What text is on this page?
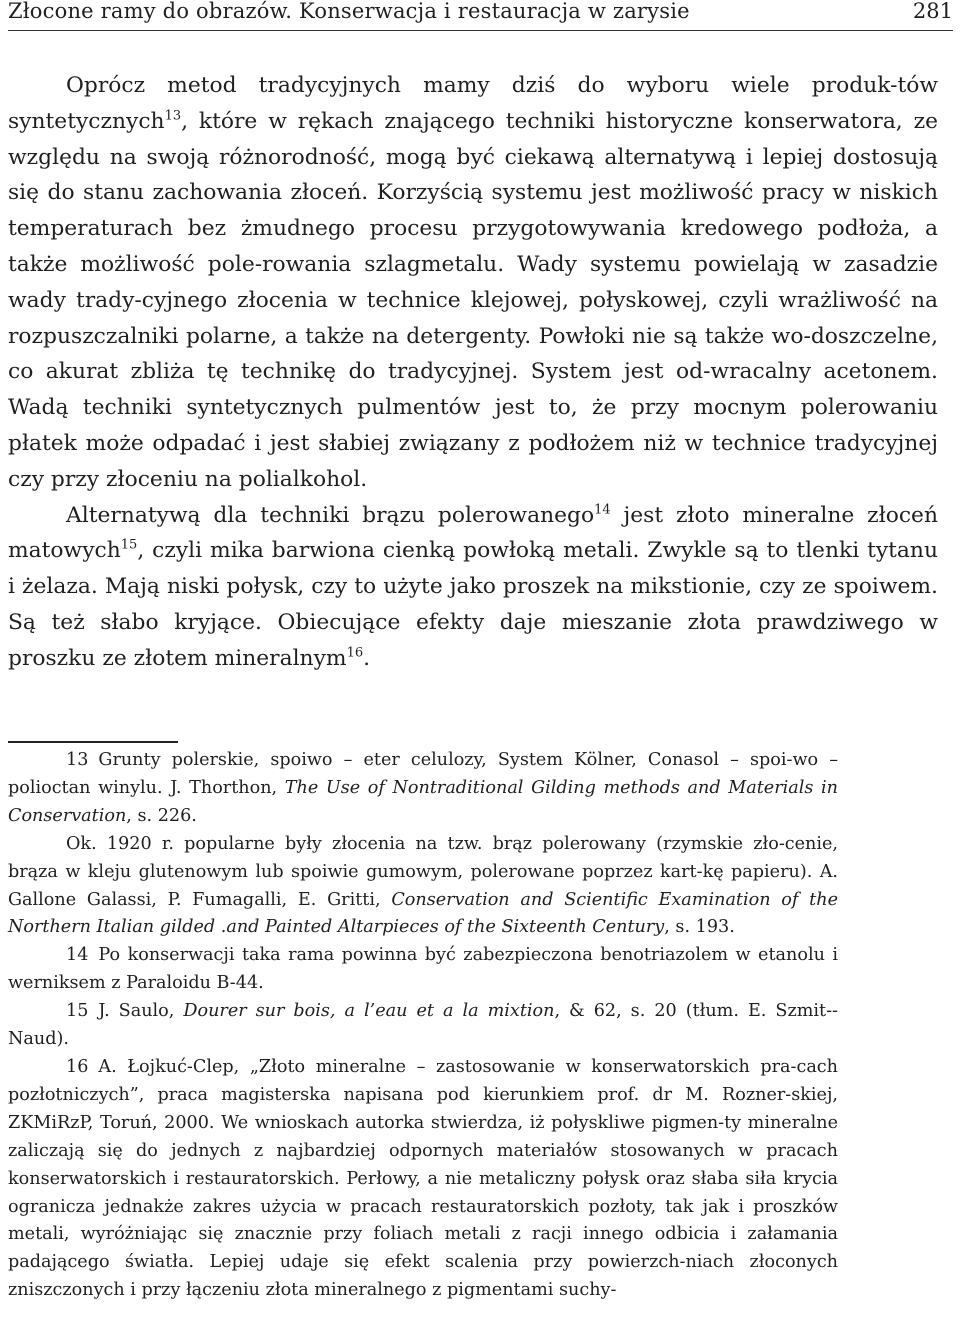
Złocone ramy do obrazów. Konserwacja i restauracja w zarysie	281

Oprócz metod tradycyjnych mamy dziś do wyboru wiele produk-tów syntetycznych$^{13}$, które w rękach znającego techniki historyczne konserwatora, ze względu na swoją różnorodność, mogą być ciekawą alternatywą i lepiej dostosują się do stanu zachowania złoceń. Korzyścią systemu jest możliwość pracy w niskich temperaturach bez żmudnego procesu przygotowywania kredowego podłoża, a także możliwość pole-rowania szlagmetalu. Wady systemu powielają w zasadzie wady trady-cyjnego złocenia w technice klejowej, połyskowej, czyli wrażliwość na rozpuszczalniki polarne, a także na detergenty. Powłoki nie są także wo-doszczelne, co akurat zbliża tę technikę do tradycyjnej. System jest od-wracalny acetonem. Wadą techniki syntetycznych pulmentów jest to, że przy mocnym polerowaniu płatek może odpadać i jest słabiej związany z podłożem niż w technice tradycyjnej czy przy złoceniu na polialkohol.

Alternatywą dla techniki brązu polerowanego$^{14}$ jest złoto mineralne złoceń matowych$^{15}$, czyli mika barwiona cienką powłoką metali. Zwykle są to tlenki tytanu i żelaza. Mają niski połysk, czy to użyte jako proszek na mikstionie, czy ze spoiwem. Są też słabo kryjące. Obiecujące efekty daje mieszanie złota prawdziwego w proszku ze złotem mineralnym$^{16}$.

13 Grunty polerskie, spoiwo – eter celulozy, System Kölner, Conasol – spoi-wo – polioctan winylu. J. Thorthon, The Use of Nontraditional Gilding methods and Materials in Conservation, s. 226.

Ok. 1920 r. popularne były złocenia na tzw. brąz polerowany (rzymskie zło-cenie, brąza w kleju glutenowym lub spoiwie gumowym, polerowane poprzez kart-kę papieru). A. Gallone Galassi, P. Fumagalli, E. Gritti, Conservation and Scientific Examination of the Northern Italian gilded .and Painted Altarpieces of the Sixteenth Century, s. 193.

14 Po konserwacji taka rama powinna być zabezpieczona benotriazolem w etanolu i werniksem z Paraloidu B-44.

15 J. Saulo, Dourer sur bois, a l’eau et a la mixtion, & 62, s. 20 (tłum. E. Szmit--Naud).

16 A. Łojkuć-Clep, „Złoto mineralne – zastosowanie w konserwatorskich pra-cach pozłotniczych”, praca magisterska napisana pod kierunkiem prof. dr M. Rozner-skiej, ZKMiRzP, Toruń, 2000. We wnioskach autorka stwierdza, iż połyskliwe pigmen-ty mineralne zaliczają się do jednych z najbardziej odpornych materiałów stosowanych w pracach konserwatorskich i restauratorskich. Perłowy, a nie metaliczny połysk oraz słaba siła krycia ogranicza jednakże zakres użycia w pracach restauratorskich pozłoty, tak jak i proszków metali, wyróżniając się znacznie przy foliach metali z racji innego odbicia i załamania padającego światła. Lepiej udaje się efekt scalenia przy powierzch-niach złoconych zniszczonych i przy łączeniu złota mineralnego z pigmentami suchy-
